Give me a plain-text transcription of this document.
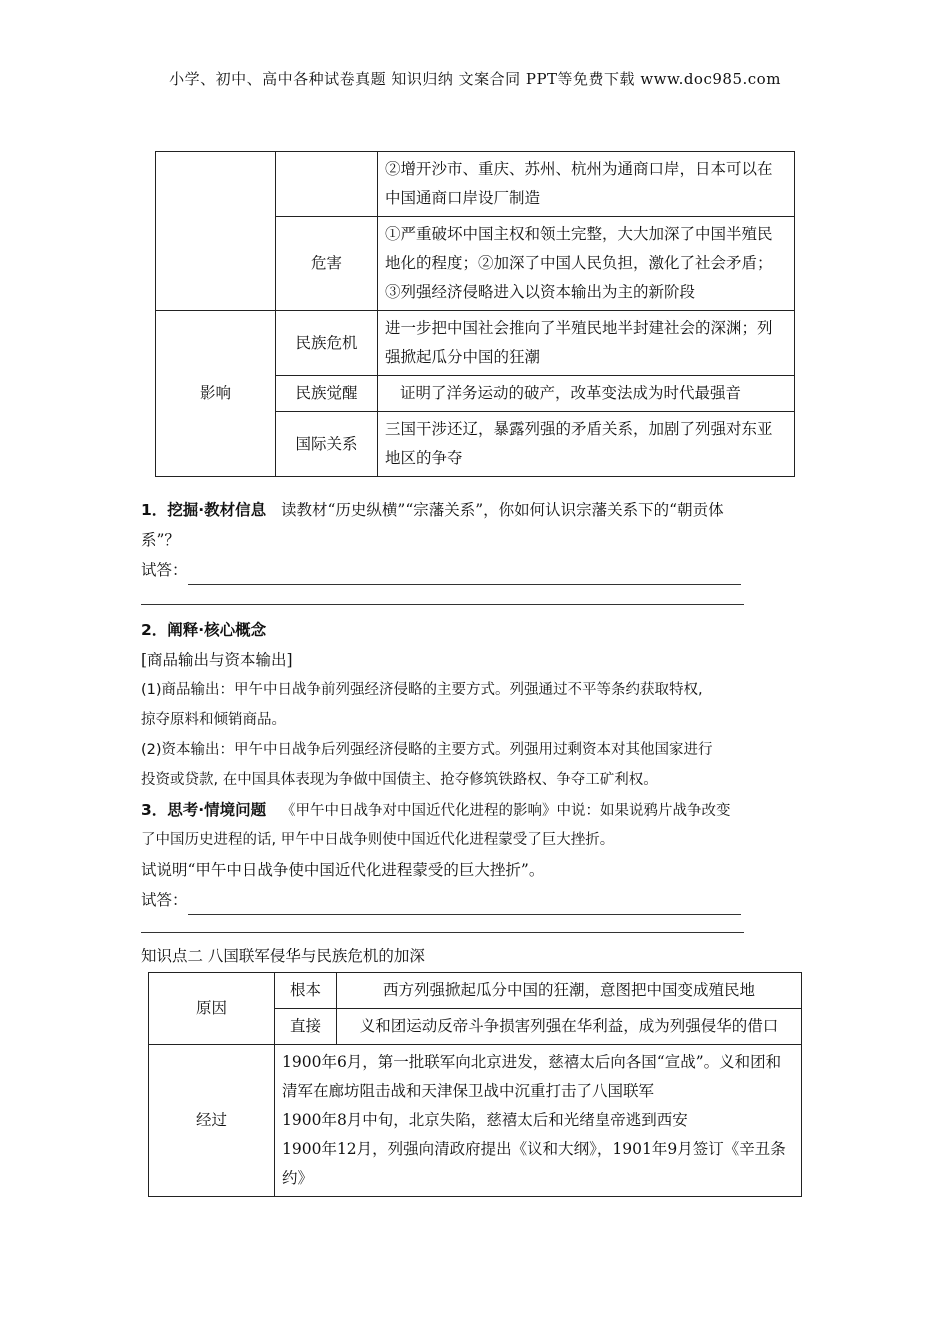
小学、初中、高中各种试卷真题 知识归纳 文案合同 PPT等免费下载 www.doc985.com
		②增开沙市、重庆、苏州、杭州为通商口岸，日本可以在中国通商口岸设厂制造
	危害	①严重破坏中国主权和领土完整，大大加深了中国半殖民地化的程度；②加深了中国人民负担，激化了社会矛盾；③列强经济侵略进入以资本输出为主的新阶段
影响	民族危机	进一步把中国社会推向了半殖民地半封建社会的深渊；列强掀起瓜分中国的狂潮
	民族觉醒	证明了洋务运动的破产，改革变法成为时代最强音
	国际关系	三国干涉还辽，暴露列强的矛盾关系，加剧了列强对东亚地区的争夺
1．挖掘·教材信息 读教材“历史纵横”“宗藩关系”，你如何认识宗藩关系下的“朝贡体
系”？
试答：
2．阐释·核心概念
[商品输出与资本输出]
(1)商品输出：甲午中日战争前列强经济侵略的主要方式。列强通过不平等条约获取特权,
掠夺原料和倾销商品。
(2)资本输出：甲午中日战争后列强经济侵略的主要方式。列强用过剩资本对其他国家进行
投资或贷款, 在中国具体表现为争做中国债主、抢夺修筑铁路权、争夺工矿利权。
3．思考·情境问题 《甲午中日战争对中国近代化进程的影响》中说：如果说鸦片战争改变
了中国历史进程的话, 甲午中日战争则使中国近代化进程蒙受了巨大挫折。
试说明“甲午中日战争使中国近代化进程蒙受的巨大挫折”。
试答：
知识点二 八国联军侵华与民族危机的加深
原因	根本	西方列强掀起瓜分中国的狂潮，意图把中国变成殖民地
	直接	义和团运动反帝斗争损害列强在华利益，成为列强侵华的借口
经过	1900年6月，第一批联军向北京进发，慈禧太后向各国“宣战”。义和团和清军在廊坊阻击战和天津保卫战中沉重打击了八国联军
1900年8月中旬，北京失陷，慈禧太后和光绪皇帝逃到西安
1900年12月，列强向清政府提出《议和大纲》，1901年9月签订《辛丑条约》	
